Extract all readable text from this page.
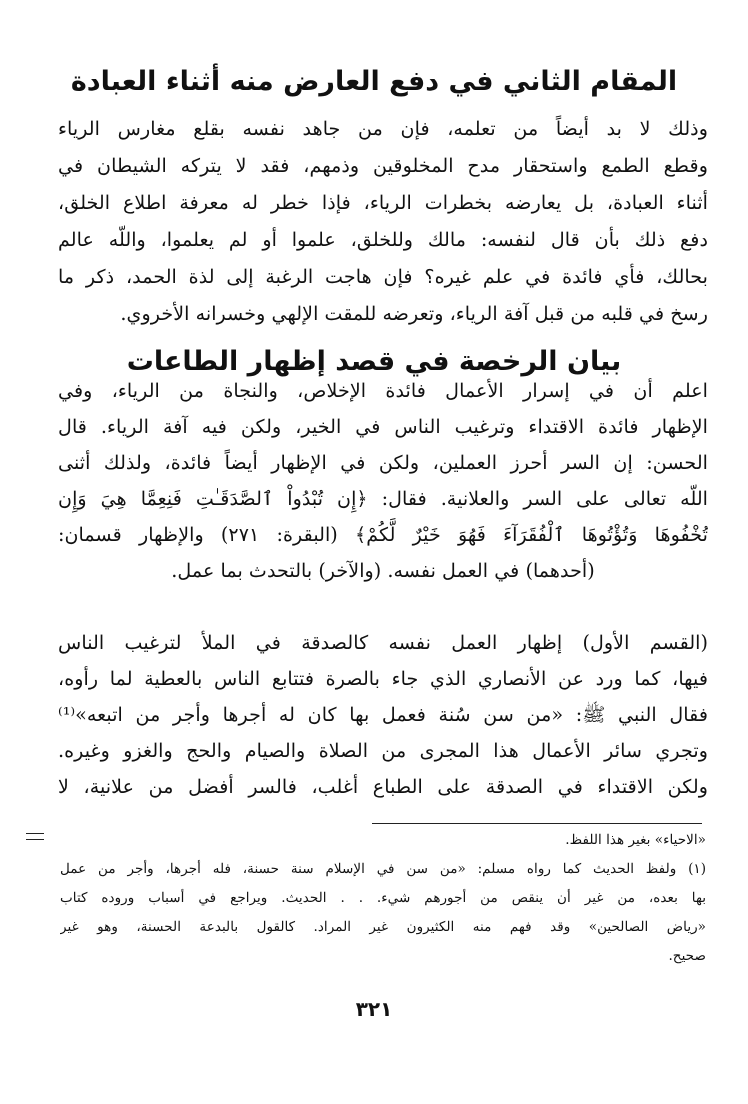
المقام الثاني في دفع العارض منه أثناء العبادة
وذلك لا بد أيضاً من تعلمه، فإن من جاهد نفسه بقلع مغارس الرياء
وقطع الطمع واستحقار مدح المخلوقين وذمهم، فقد لا يتركه الشيطان في
أثناء العبادة، بل يعارضه بخطرات الرياء، فإذا خطر له معرفة اطلاع الخلق،
دفع ذلك بأن قال لنفسه: مالك وللخلق، علموا أو لم يعلموا، واللّه عالم
بحالك، فأي فائدة في علم غيره؟ فإن هاجت الرغبة إلى لذة الحمد، ذكر ما
رسخ في قلبه من قبل آفة الرياء، وتعرضه للمقت الإلهي وخسرانه الأخروي.
بيان الرخصة في قصد إظهار الطاعات
اعلم أن في إسرار الأعمال فائدة الإخلاص، والنجاة من الرياء، وفي
الإظهار فائدة الاقتداء وترغيب الناس في الخير، ولكن فيه آفة الرياء. قال
الحسن: إن السر أحرز العملين، ولكن في الإظهار أيضاً فائدة، ولذلك أثنى
اللّه تعالى على السر والعلانية. فقال: ﴿إِن تُبْدُواْ ٱلصَّدَقَـٰتِ فَنِعِمَّا هِيَ وَإِن
تُخْفُوهَا وَتُؤْتُوهَا ٱلْفُقَرَآءَ فَهُوَ خَيْرٌ لَّكُمْ﴾ (البقرة: ٢٧١) والإظهار قسمان:
(أحدهما) في العمل نفسه. (والآخر) بالتحدث بما عمل.
(القسم الأول) إظهار العمل نفسه كالصدقة في الملأ لترغيب الناس
فيها، كما ورد عن الأنصاري الذي جاء بالصرة فتتابع الناس بالعطية لما رأوه،
فقال النبي ﷺ: «من سن سُنة فعمل بها كان له أجرها وأجر من اتبعه»⁽¹⁾
وتجري سائر الأعمال هذا المجرى من الصلاة والصيام والحج والغزو وغيره.
ولكن الاقتداء في الصدقة على الطباع أغلب، فالسر أفضل من علانية، لا
«الاحياء» بغير هذا اللفظ.
(١) ولفظ الحديث كما رواه مسلم: «من سن في الإسلام سنة حسنة، فله أجرها، وأجر من عمل
بها بعده، من غير أن ينقص من أجورهم شيء. . . الحديث. ويراجع في أسباب وروده كتاب
«رياض الصالحين» وقد فهم منه الكثيرون غير المراد. كالقول بالبدعة الحسنة، وهو غير
صحيح.
٣٢١
